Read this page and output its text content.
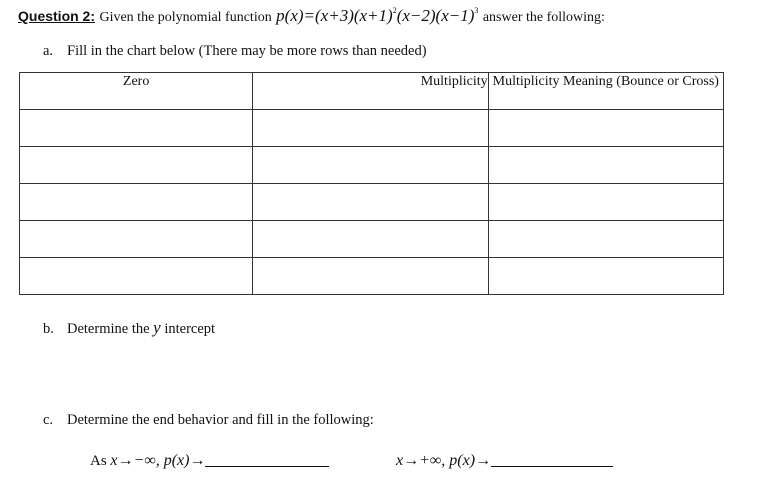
Question 2: Given the polynomial function $p(x)=(x+3)(x+1)^2(x-2)(x-1)^3$ answer the following:
a. Fill in the chart below (There may be more rows than needed)
Zero	Multiplicity	Multiplicity Meaning (Bounce or Cross)

b. Determine the y intercept
c. Determine the end behavior and fill in the following:
As x→−∞, p(x)→	x→+∞, p(x)→
